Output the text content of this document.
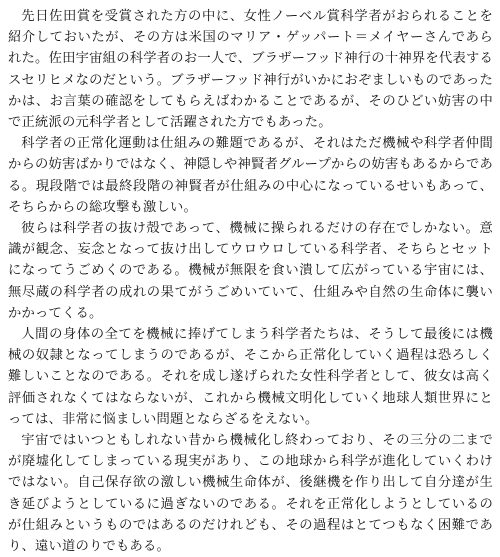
先日佐田賞を受賞された方の中に、女性ノーベル賞科学者がおられることを紹介しておいたが、その方は米国のマリア・ゲッパート＝メイヤーさんであられた。佐田宇宙組の科学者のお一人で、ブラザーフッド神行の十神界を代表するスセリヒメなのだという。ブラザーフッド神行がいかにおぞましいものであったかは、お言葉の確認をしてもらえばわかることであるが、そのひどい妨害の中で正統派の元科学者として活躍された方でもあった。

科学者の正常化運動は仕組みの難題であるが、それはただ機械や科学者仲間からの妨害ばかりではなく、神隠しや神賢者グループからの妨害もあるからである。現段階では最終段階の神賢者が仕組みの中心になっているせいもあって、そちらからの総攻撃も激しい。

彼らは科学者の抜け殻であって、機械に操られるだけの存在でしかない。意識が観念、妄念となって抜け出してウロウロしている科学者、そちらとセットになってうごめくのである。機械が無限を食い潰して広がっている宇宙には、無尽蔵の科学者の成れの果てがうごめいていて、仕組みや自然の生命体に襲いかかってくる。

人間の身体の全てを機械に捧げてしまう科学者たちは、そうして最後には機械の奴隷となってしまうのであるが、そこから正常化していく過程は恐ろしく難しいことなのである。それを成し遂げられた女性科学者として、彼女は高く評価されなくてはならないが、これから機械文明化していく地球人類世界にとっては、非常に悩ましい問題とならざるをえない。

宇宙ではいつともしれない昔から機械化し終わっており、その三分の二までが廃墟化してしまっている現実があり、この地球から科学が進化していくわけではない。自己保存欲の激しい機械生命体が、後継機を作り出して自分達が生き延びようとしているに過ぎないのである。それを正常化しようとしているのが仕組みというものではあるのだけれども、その過程はとてつもなく困難であり、遠い道のりでもある。
